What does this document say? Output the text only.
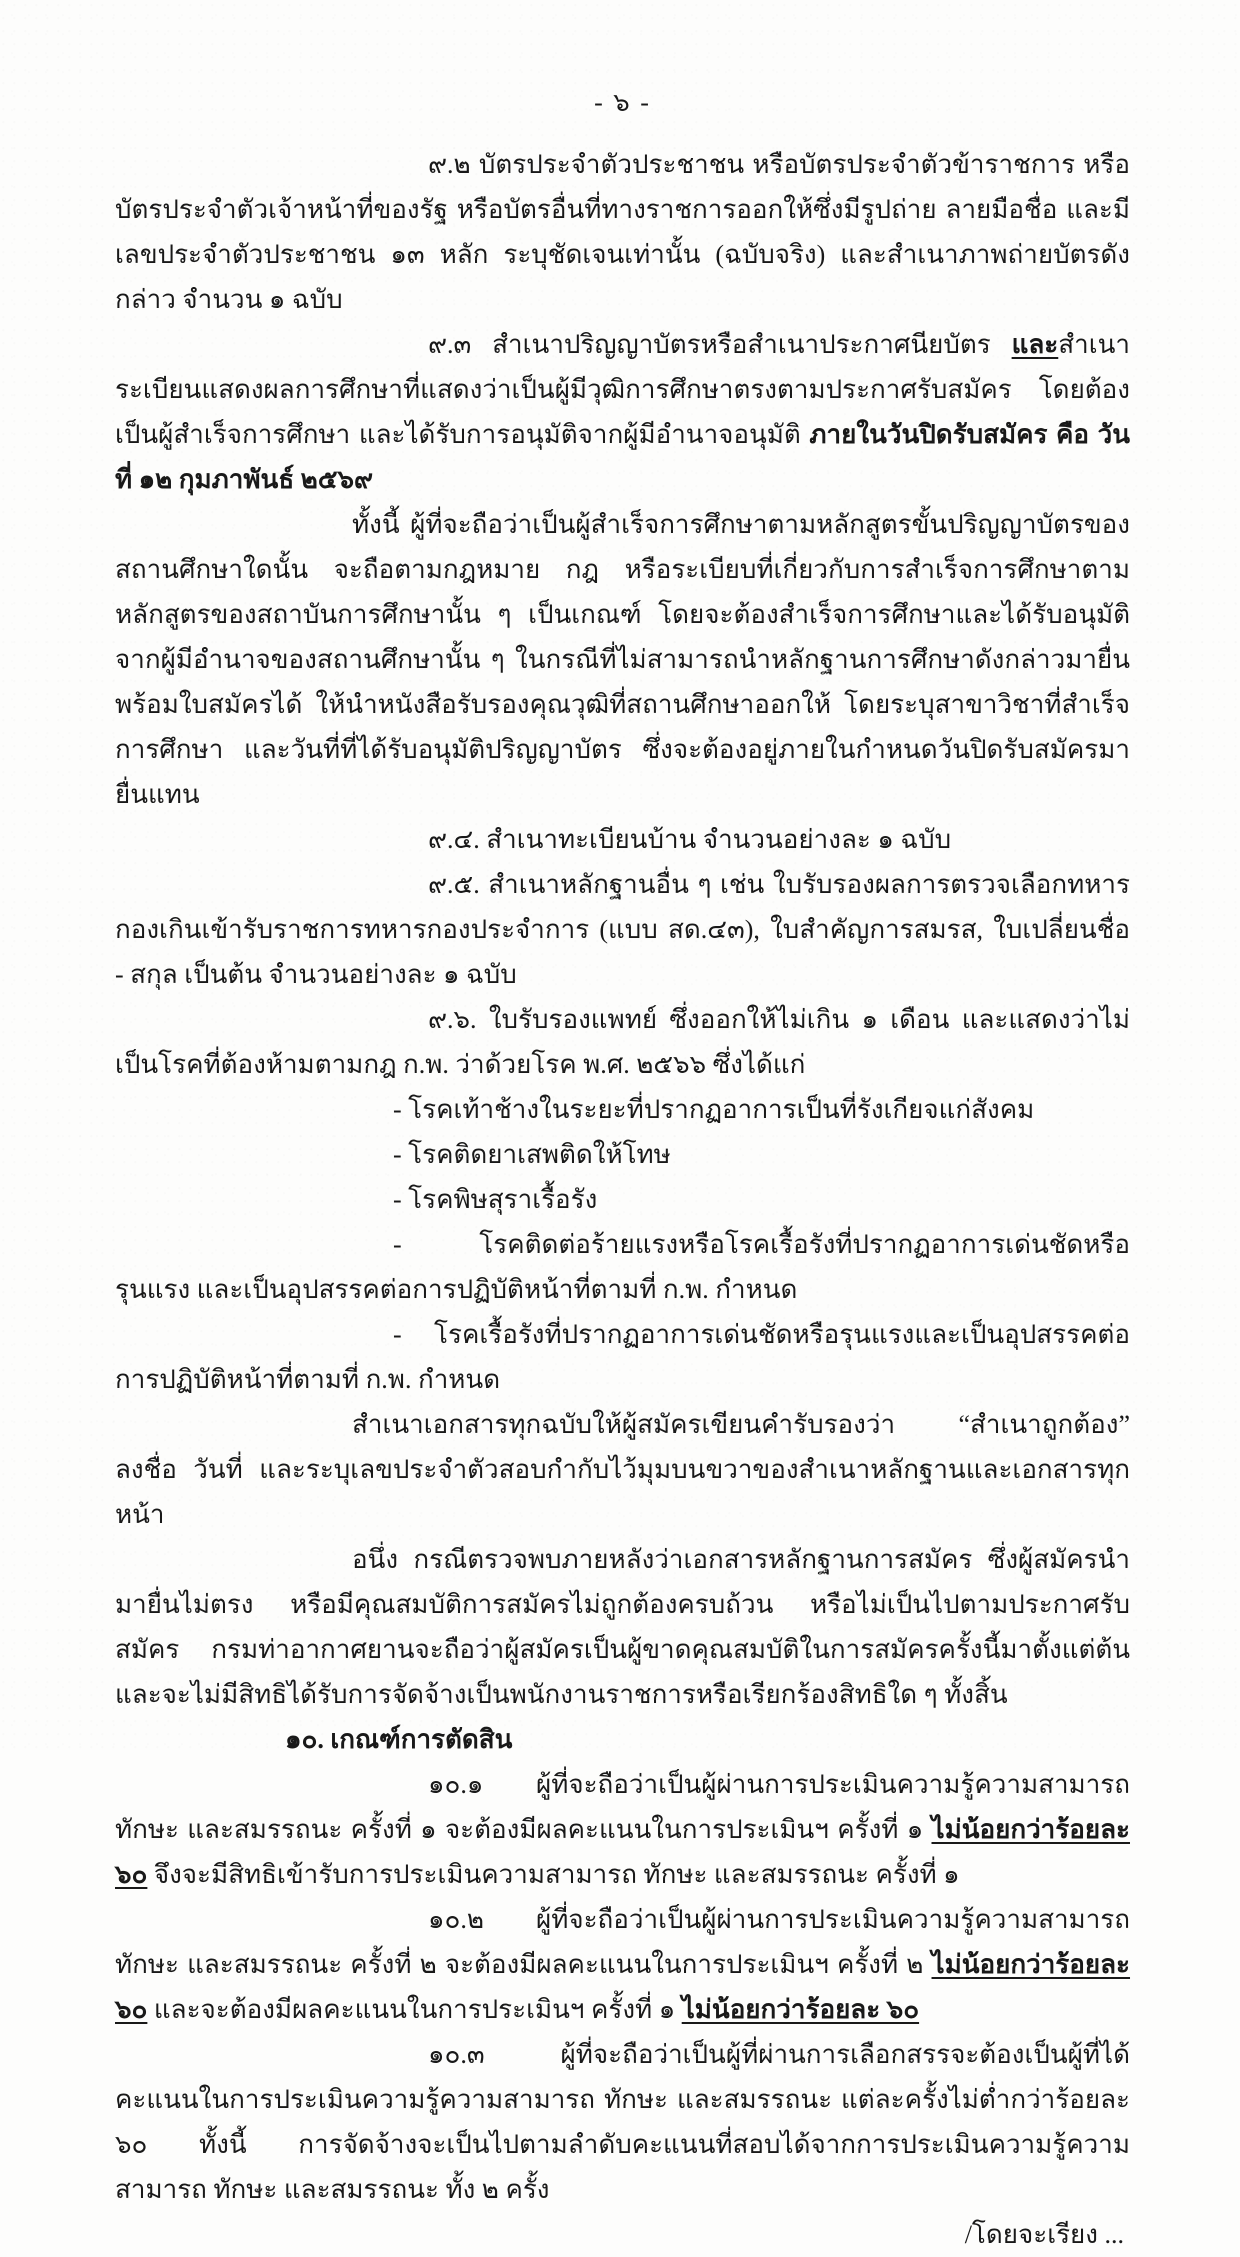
- ๖ -

๙.๒ บัตรประจำตัวประชาชน หรือบัตรประจำตัวข้าราชการ หรือบัตรประจำตัวเจ้าหน้าที่ของรัฐ หรือบัตรอื่นที่ทางราชการออกให้ซึ่งมีรูปถ่าย ลายมือชื่อ และมีเลขประจำตัวประชาชน ๑๓ หลัก ระบุชัดเจนเท่านั้น (ฉบับจริง) และสำเนาภาพถ่ายบัตรดังกล่าว จำนวน ๑ ฉบับ

๙.๓ สำเนาปริญญาบัตรหรือสำเนาประกาศนียบัตร และสำเนาระเบียนแสดงผลการศึกษาที่แสดงว่าเป็นผู้มีวุฒิการศึกษาตรงตามประกาศรับสมัคร โดยต้องเป็นผู้สำเร็จการศึกษา และได้รับการอนุมัติจากผู้มีอำนาจอนุมัติ ภายในวันปิดรับสมัคร คือ วันที่ ๑๒ กุมภาพันธ์ ๒๕๖๙

ทั้งนี้ ผู้ที่จะถือว่าเป็นผู้สำเร็จการศึกษาตามหลักสูตรขั้นปริญญาบัตรของสถานศึกษาใดนั้น จะถือตามกฎหมาย กฎ หรือระเบียบที่เกี่ยวกับการสำเร็จการศึกษาตามหลักสูตรของสถาบันการศึกษานั้น ๆ เป็นเกณฑ์ โดยจะต้องสำเร็จการศึกษาและได้รับอนุมัติจากผู้มีอำนาจของสถานศึกษานั้น ๆ ในกรณีที่ไม่สามารถนำหลักฐานการศึกษาดังกล่าวมายื่นพร้อมใบสมัครได้ ให้นำหนังสือรับรองคุณวุฒิที่สถานศึกษาออกให้ โดยระบุสาขาวิชาที่สำเร็จการศึกษา และวันที่ที่ได้รับอนุมัติปริญญาบัตร ซึ่งจะต้องอยู่ภายในกำหนดวันปิดรับสมัครมายื่นแทน

๙.๔. สำเนาทะเบียนบ้าน จำนวนอย่างละ ๑ ฉบับ

๙.๕. สำเนาหลักฐานอื่น ๆ เช่น ใบรับรองผลการตรวจเลือกทหารกองเกินเข้ารับราชการทหารกองประจำการ (แบบ สด.๔๓), ใบสำคัญการสมรส, ใบเปลี่ยนชื่อ - สกุล เป็นต้น จำนวนอย่างละ ๑ ฉบับ

๙.๖. ใบรับรองแพทย์ ซึ่งออกให้ไม่เกิน ๑ เดือน และแสดงว่าไม่เป็นโรคที่ต้องห้ามตามกฎ ก.พ. ว่าด้วยโรค พ.ศ. ๒๕๖๖ ซึ่งได้แก่

- โรคเท้าช้างในระยะที่ปรากฏอาการเป็นที่รังเกียจแก่สังคม

- โรคติดยาเสพติดให้โทษ

- โรคพิษสุราเรื้อรัง

- โรคติดต่อร้ายแรงหรือโรคเรื้อรังที่ปรากฏอาการเด่นชัดหรือรุนแรง และเป็นอุปสรรคต่อการปฏิบัติหน้าที่ตามที่ ก.พ. กำหนด

- โรคเรื้อรังที่ปรากฏอาการเด่นชัดหรือรุนแรงและเป็นอุปสรรคต่อการปฏิบัติหน้าที่ตามที่ ก.พ. กำหนด

สำเนาเอกสารทุกฉบับให้ผู้สมัครเขียนคำรับรองว่า “สำเนาถูกต้อง” ลงชื่อ วันที่ และระบุเลขประจำตัวสอบกำกับไว้มุมบนขวาของสำเนาหลักฐานและเอกสารทุกหน้า

อนึ่ง กรณีตรวจพบภายหลังว่าเอกสารหลักฐานการสมัคร ซึ่งผู้สมัครนำมายื่นไม่ตรง หรือมีคุณสมบัติการสมัครไม่ถูกต้องครบถ้วน หรือไม่เป็นไปตามประกาศรับสมัคร กรมท่าอากาศยานจะถือว่าผู้สมัครเป็นผู้ขาดคุณสมบัติในการสมัครครั้งนี้มาตั้งแต่ต้น และจะไม่มีสิทธิได้รับการจัดจ้างเป็นพนักงานราชการหรือเรียกร้องสิทธิใด ๆ ทั้งสิ้น

๑๐. เกณฑ์การตัดสิน

๑๐.๑ ผู้ที่จะถือว่าเป็นผู้ผ่านการประเมินความรู้ความสามารถ ทักษะ และสมรรถนะ ครั้งที่ ๑ จะต้องมีผลคะแนนในการประเมินฯ ครั้งที่ ๑ ไม่น้อยกว่าร้อยละ ๖๐ จึงจะมีสิทธิเข้ารับการประเมินความสามารถ ทักษะ และสมรรถนะ ครั้งที่ ๑

๑๐.๒ ผู้ที่จะถือว่าเป็นผู้ผ่านการประเมินความรู้ความสามารถ ทักษะ และสมรรถนะ ครั้งที่ ๒ จะต้องมีผลคะแนนในการประเมินฯ ครั้งที่ ๒ ไม่น้อยกว่าร้อยละ ๖๐ และจะต้องมีผลคะแนนในการประเมินฯ ครั้งที่ ๑ ไม่น้อยกว่าร้อยละ ๖๐

๑๐.๓ ผู้ที่จะถือว่าเป็นผู้ที่ผ่านการเลือกสรรจะต้องเป็นผู้ที่ได้คะแนนในการประเมินความรู้ความสามารถ ทักษะ และสมรรถนะ แต่ละครั้งไม่ต่ำกว่าร้อยละ ๖๐ ทั้งนี้ การจัดจ้างจะเป็นไปตามลำดับคะแนนที่สอบได้จากการประเมินความรู้ความสามารถ ทักษะ และสมรรถนะ ทั้ง ๒ ครั้ง

/โดยจะเรียง ...
